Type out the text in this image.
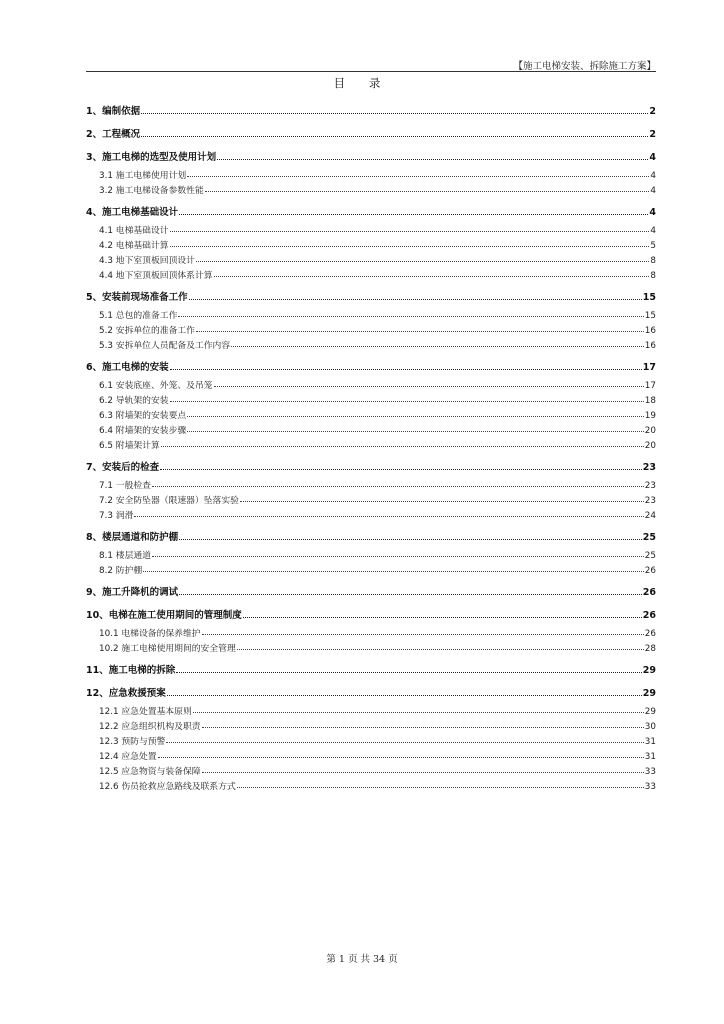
【施工电梯安装、拆除施工方案】
目 录
1、编制依据	2
2、工程概况	2
3、施工电梯的选型及使用计划	4
3.1 施工电梯使用计划	4
3.2 施工电梯设备参数性能	4
4、施工电梯基础设计	4
4.1 电梯基础设计	4
4.2 电梯基础计算	5
4.3 地下室顶板回顶设计	8
4.4 地下室顶板回顶体系计算	8
5、安装前现场准备工作	15
5.1 总包的准备工作	15
5.2 安拆单位的准备工作	16
5.3 安拆单位人员配备及工作内容	16
6、施工电梯的安装	17
6.1 安装底座、外笼、及吊笼	17
6.2 导轨架的安装	18
6.3 附墙架的安装要点	19
6.4 附墙架的安装步骤	20
6.5 附墙架计算	20
7、安装后的检查	23
7.1 一般检查	23
7.2 安全防坠器（限速器）坠落实验	23
7.3 润滑	24
8、楼层通道和防护棚	25
8.1 楼层通道	25
8.2 防护棚	26
9、施工升降机的调试	26
10、电梯在施工使用期间的管理制度	26
10.1 电梯设备的保养维护	26
10.2 施工电梯使用期间的安全管理	28
11、施工电梯的拆除	29
12、应急救援预案	29
12.1 应急处置基本原则	29
12.2 应急组织机构及职责	30
12.3 预防与预警	31
12.4 应急处置	31
12.5 应急物资与装备保障	33
12.6 伤员抢救应急路线及联系方式	33
第 1 页 共 34 页
